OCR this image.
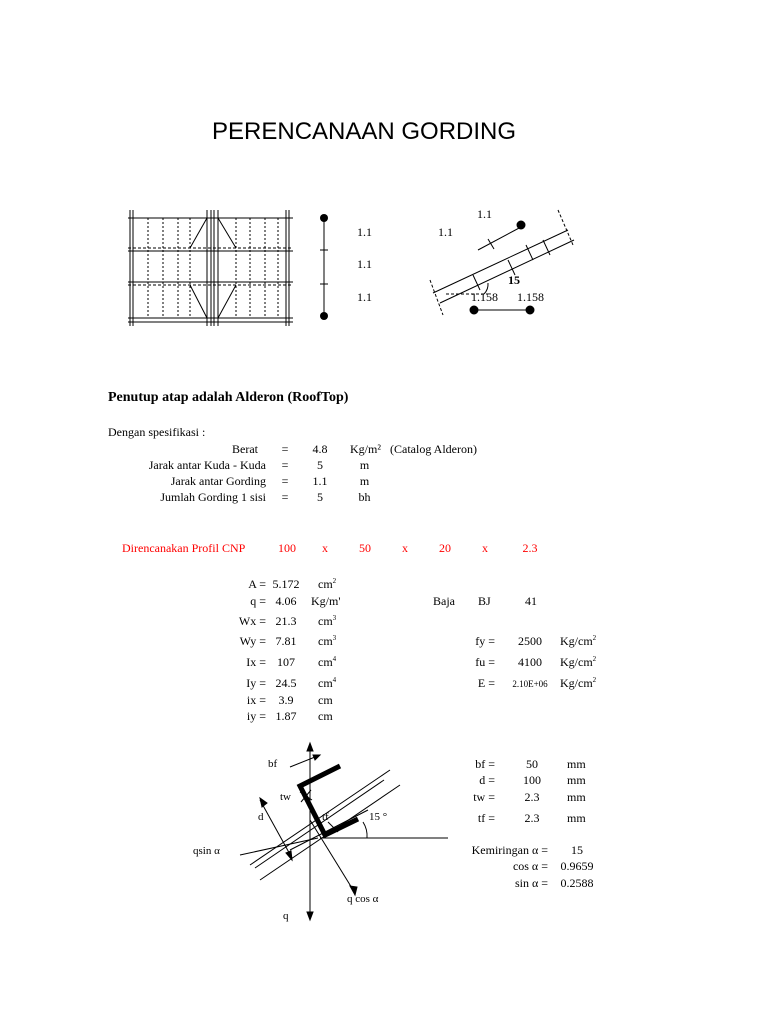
PERENCANAAN GORDING
1.1
1.1
1.1
1.1
1.1
15
1.158 1.158
Penutup atap adalah Alderon (RoofTop)
Dengan spesifikasi :
Berat	=	4.8	Kg/m² (Catalog Alderon)
Jarak antar Kuda - Kuda	=	5	m
Jarak antar Gording	=	1.1	m
Jumlah Gording 1 sisi	=	5	bh
Direncanakan Profil CNP	100	x	50	x	20	x	2.3
A = 5.172	$cm^2$
q = 4.06	Kg/m'
Wx = 21.3	$cm^3$
Wy = 7.81	$cm^3$
Ix = 107	$cm^4$
Iy = 24.5	$cm^4$
ix =	3.9	cm
iy = 1.87	cm
Baja BJ	41
fy =	2500	$Kg/cm^2$
fu =	4100	$Kg/cm^2$
E =	2.10E+06	$Kg/cm^2$
bf =	50	mm
d =	100	mm
tw =	2.3	mm
tf =	2.3	mm
Kemiringan α =	15
cos α = 0.9659
sin α = 0.2588
bf
tw
d	tf	15 °
qsin α
q cos α
q
